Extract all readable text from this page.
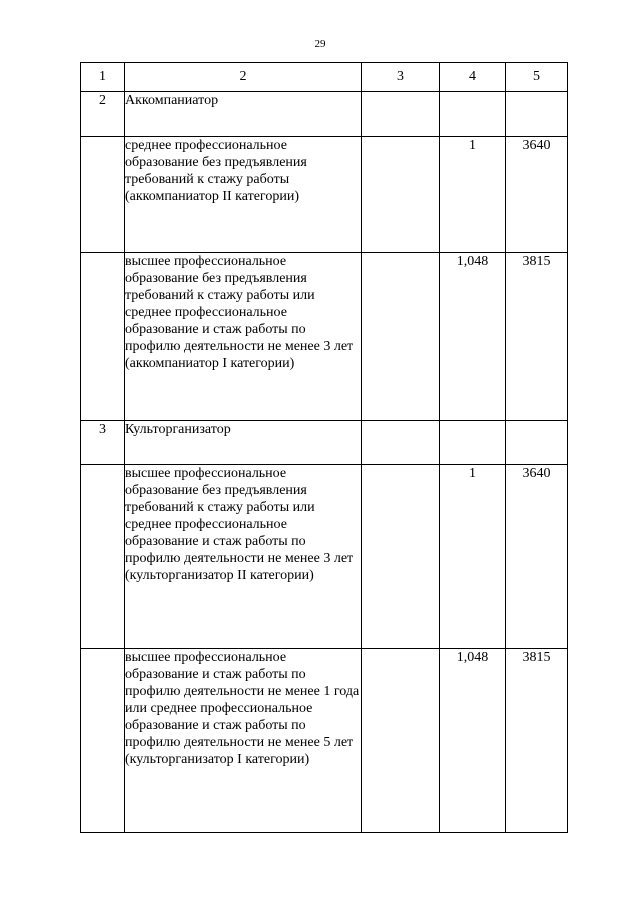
29
1	2	3	4	5
2	Аккомпаниатор			
	среднее профессиональное образование без предъявления требований к стажу работы (аккомпаниатор II категории)		1	3640
	высшее профессиональное образование без предъявления требований к стажу работы или среднее профессиональное образование и стаж работы по профилю деятельности не менее 3 лет (аккомпаниатор I категории)		1,048	3815
3	Культорганизатор			
	высшее профессиональное образование без предъявления требований к стажу работы или среднее профессиональное образование и стаж работы по профилю деятельности не менее 3 лет (культорганизатор II категории)		1	3640
	высшее профессиональное образование и стаж работы по профилю деятельности не менее 1 года или среднее профессиональное образование и стаж работы по профилю деятельности не менее 5 лет (культорганизатор I категории)		1,048	3815
